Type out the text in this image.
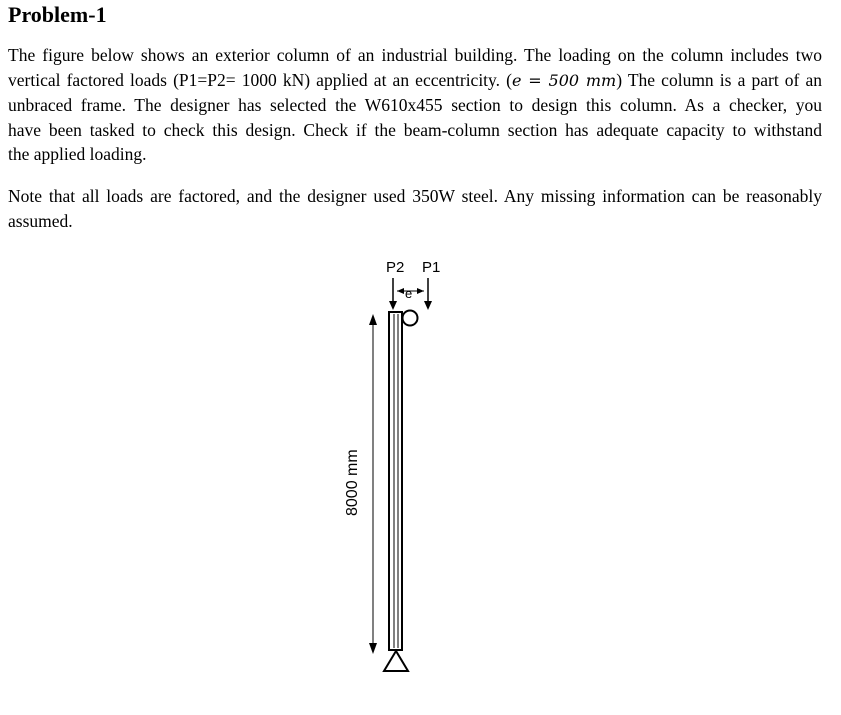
Problem-1
The figure below shows an exterior column of an industrial building. The loading on the column includes two
vertical factored loads (P1=P2= 1000 kN) applied at an eccentricity. (e = 500 mm) The column is a part of an
unbraced frame. The designer has selected the W610x455 section to design this column. As a checker, you
have been tasked to check this design. Check if the beam-column section has adequate capacity to withstand
the applied loading.
Note that all loads are factored, and the designer used 350W steel. Any missing information can be reasonably
assumed.
P2 P1
e
8000 mm
